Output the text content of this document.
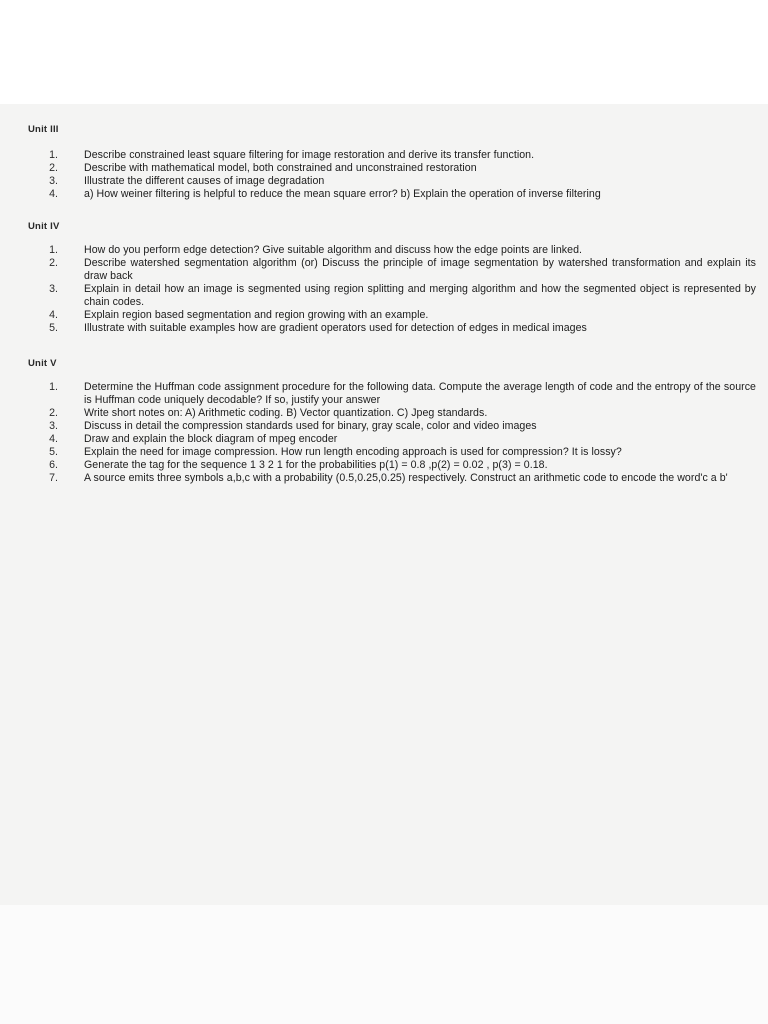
Unit III
1.	Describe constrained least square filtering for image restoration and derive its transfer function.
2.	Describe with mathematical model, both constrained and unconstrained restoration
3.	Illustrate the different causes of image degradation
4.	a) How weiner filtering is helpful to reduce the mean square error? b) Explain the operation of inverse filtering
Unit IV
1.	How do you perform edge detection? Give suitable algorithm and discuss how the edge points are linked.
2.	Describe watershed segmentation algorithm (or) Discuss the principle of image segmentation by watershed transformation and explain its draw back
3.	Explain in detail how an image is segmented using region splitting and merging algorithm and how the segmented object is represented by chain codes.
4.	Explain region based segmentation and region growing with an example.
5.	Illustrate with suitable examples how are gradient operators used for detection of edges in medical images
Unit V
1.	Determine the Huffman code assignment procedure for the following data. Compute the average length of code and the entropy of the source is Huffman code uniquely decodable? If so, justify your answer
2.	Write short notes on: A) Arithmetic coding. B) Vector quantization. C) Jpeg standards.
3.	Discuss in detail the compression standards used for binary, gray scale, color and video images
4.	Draw and explain the block diagram of mpeg encoder
5.	Explain the need for image compression. How run length encoding approach is used for compression? It is lossy?
6.	Generate the tag for the sequence 1 3 2 1 for the probabilities p(1) = 0.8 ,p(2) = 0.02 , p(3) = 0.18.
7.	A source emits three symbols a,b,c with a probability (0.5,0.25,0.25) respectively. Construct an arithmetic code to encode the word'c a b'
